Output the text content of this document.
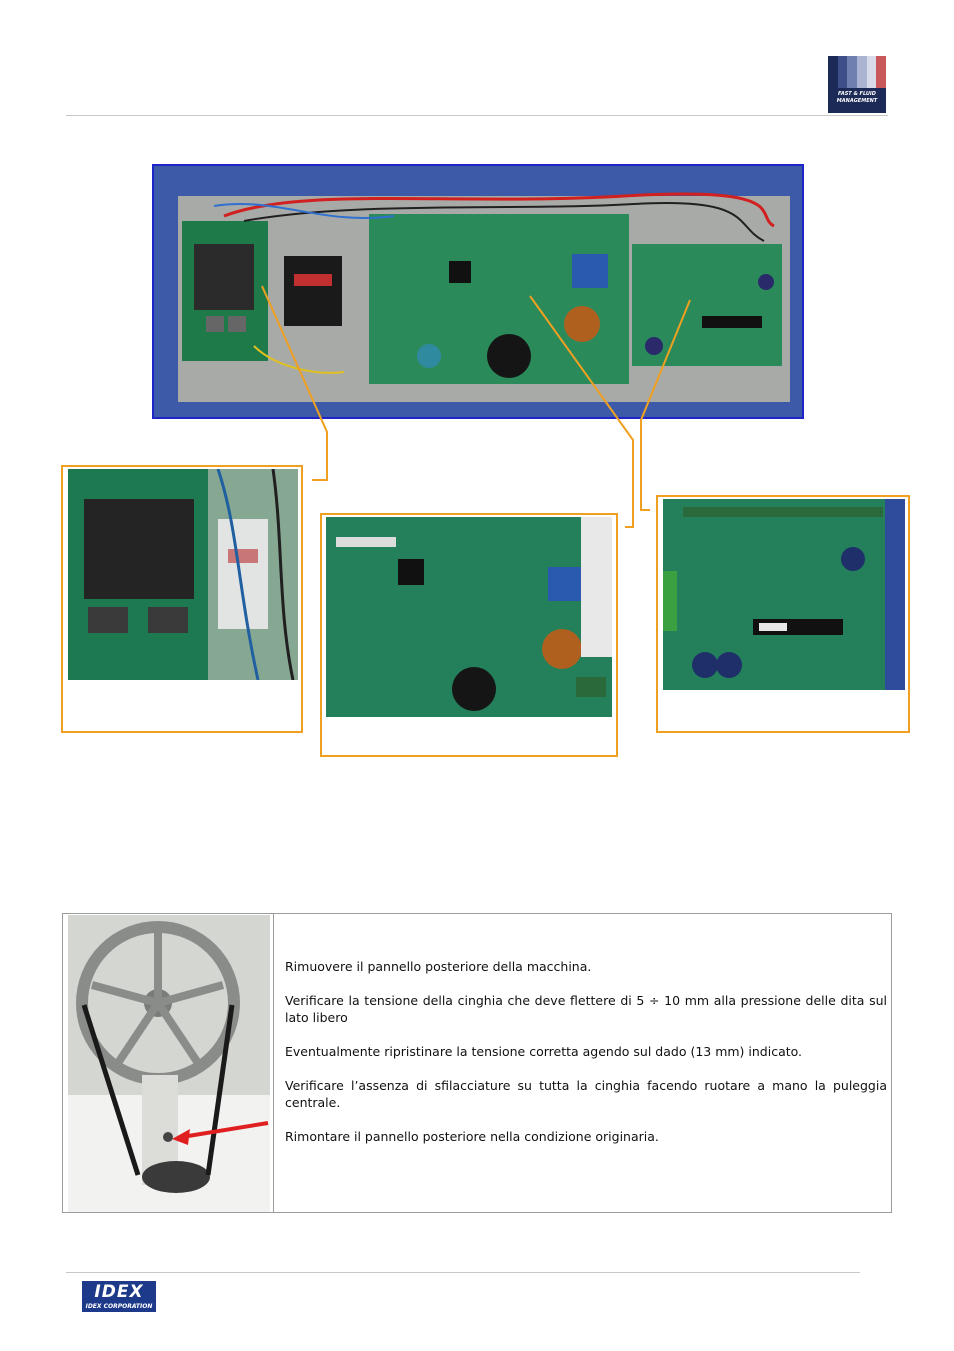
FAST & FLUID MANAGEMENT

Rimuovere il pannello posteriore della macchina.

Verificare la tensione della cinghia che deve flettere di 5 ÷ 10 mm alla pressione delle dita sul lato libero

Eventualmente ripristinare la tensione corretta agendo sul dado (13 mm) indicato.

Verificare l’assenza di sfilacciature su tutta la cinghia facendo ruotare a mano la puleggia centrale.

Rimontare il pannello posteriore nella condizione originaria.

IDEX
IDEX CORPORATION
